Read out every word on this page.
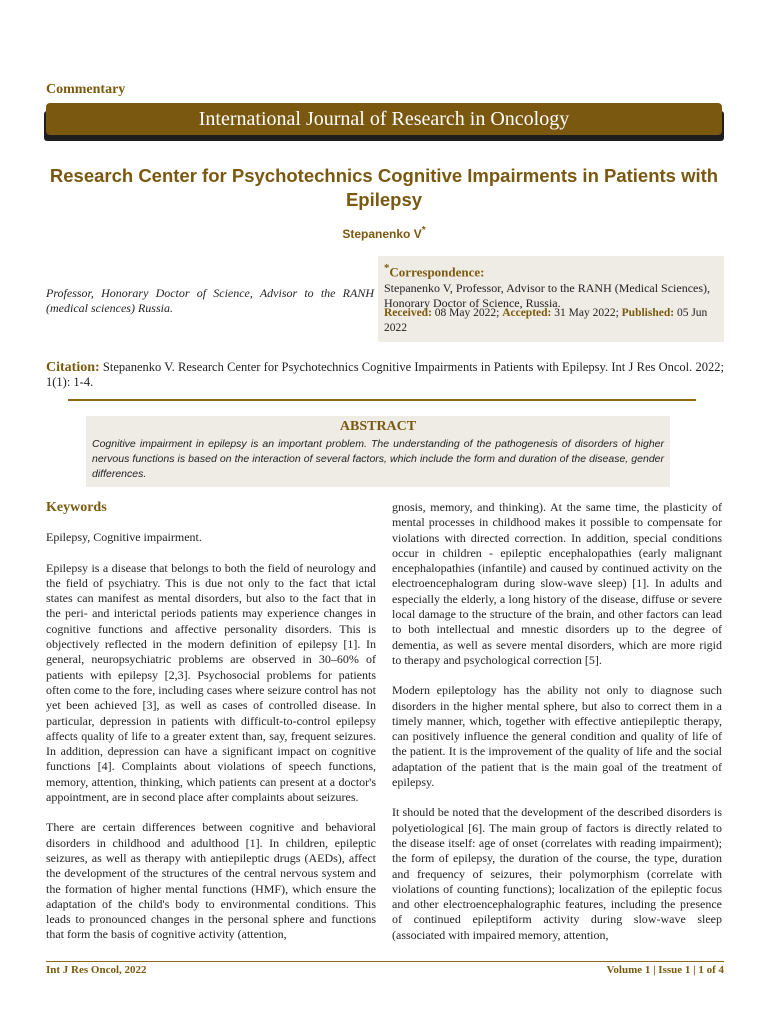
Commentary
International Journal of Research in Oncology
Research Center for Psychotechnics Cognitive Impairments in Patients with Epilepsy
Stepanenko V*
Professor, Honorary Doctor of Science, Advisor to the RANH (medical sciences) Russia.
*Correspondence:
Stepanenko V, Professor, Advisor to the RANH (Medical Sciences), Honorary Doctor of Science, Russia.
Received: 08 May 2022; Accepted: 31 May 2022; Published: 05 Jun 2022
Citation: Stepanenko V. Research Center for Psychotechnics Cognitive Impairments in Patients with Epilepsy. Int J Res Oncol. 2022; 1(1): 1-4.
ABSTRACT
Cognitive impairment in epilepsy is an important problem. The understanding of the pathogenesis of disorders of higher nervous functions is based on the interaction of several factors, which include the form and duration of the disease, gender differences.

Keywords

Epilepsy, Cognitive impairment.

Epilepsy is a disease that belongs to both the field of neurology and the field of psychiatry. This is due not only to the fact that ictal states can manifest as mental disorders, but also to the fact that in the peri- and interictal periods patients may experience changes in cognitive functions and affective personality disorders. This is objectively reflected in the modern definition of epilepsy [1]. In general, neuropsychiatric problems are observed in 30–60% of patients with epilepsy [2,3]. Psychosocial problems for patients often come to the fore, including cases where seizure control has not yet been achieved [3], as well as cases of controlled disease. In particular, depression in patients with difficult-to-control epilepsy affects quality of life to a greater extent than, say, frequent seizures. In addition, depression can have a significant impact on cognitive functions [4]. Complaints about violations of speech functions, memory, attention, thinking, which patients can present at a doctor's appointment, are in second place after complaints about seizures.

There are certain differences between cognitive and behavioral disorders in childhood and adulthood [1]. In children, epileptic seizures, as well as therapy with antiepileptic drugs (AEDs), affect the development of the structures of the central nervous system and the formation of higher mental functions (HMF), which ensure the adaptation of the child's body to environmental conditions. This leads to pronounced changes in the personal sphere and functions that form the basis of cognitive activity (attention,

gnosis, memory, and thinking). At the same time, the plasticity of mental processes in childhood makes it possible to compensate for violations with directed correction. In addition, special conditions occur in children - epileptic encephalopathies (early malignant encephalopathies (infantile) and caused by continued activity on the electroencephalogram during slow-wave sleep) [1]. In adults and especially the elderly, a long history of the disease, diffuse or severe local damage to the structure of the brain, and other factors can lead to both intellectual and mnestic disorders up to the degree of dementia, as well as severe mental disorders, which are more rigid to therapy and psychological correction [5].

Modern epileptology has the ability not only to diagnose such disorders in the higher mental sphere, but also to correct them in a timely manner, which, together with effective antiepileptic therapy, can positively influence the general condition and quality of life of the patient. It is the improvement of the quality of life and the social adaptation of the patient that is the main goal of the treatment of epilepsy.

It should be noted that the development of the described disorders is polyetiological [6]. The main group of factors is directly related to the disease itself: age of onset (correlates with reading impairment); the form of epilepsy, the duration of the course, the type, duration and frequency of seizures, their polymorphism (correlate with violations of counting functions); localization of the epileptic focus and other electroencephalographic features, including the presence of continued epileptiform activity during slow-wave sleep (associated with impaired memory, attention,

Int J Res Oncol, 2022	Volume 1 | Issue 1 | 1 of 4
